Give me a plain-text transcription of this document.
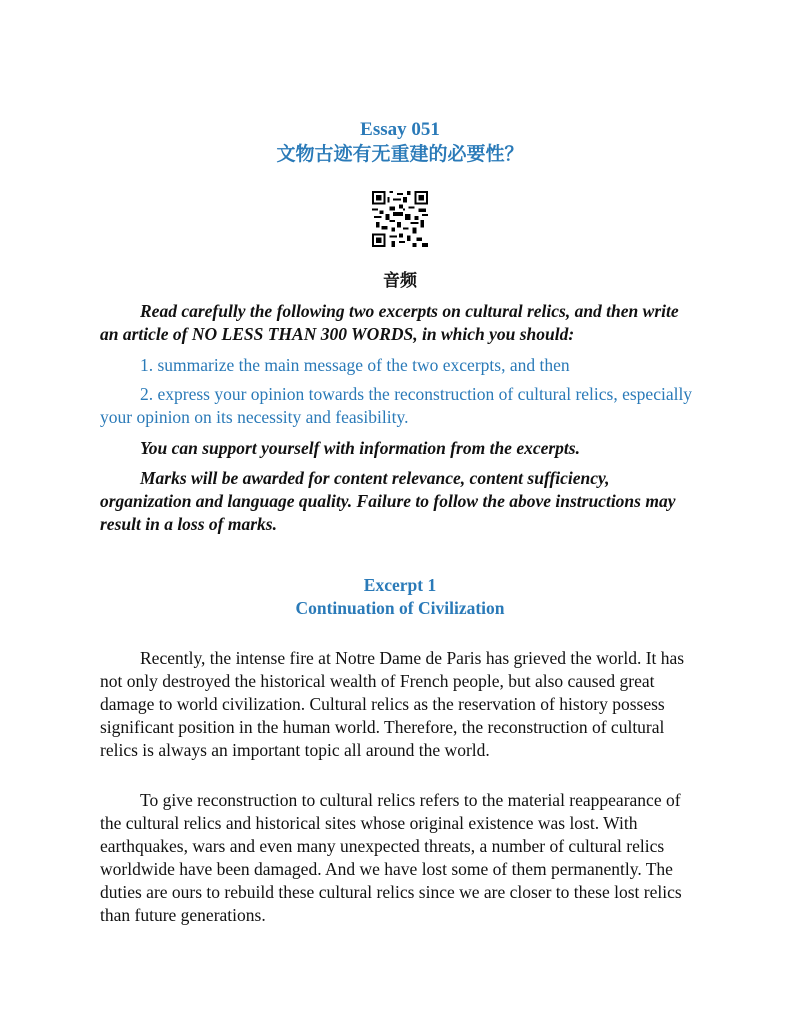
Essay 051
文物古迹有无重建的必要性？
音频

Read carefully the following two excerpts on cultural relics, and then write an article of NO LESS THAN 300 WORDS, in which you should:

1. summarize the main message of the two excerpts, and then

2. express your opinion towards the reconstruction of cultural relics, especially your opinion on its necessity and feasibility.

You can support yourself with information from the excerpts.

Marks will be awarded for content relevance, content sufficiency, organization and language quality. Failure to follow the above instructions may result in a loss of marks.

Excerpt 1
Continuation of Civilization

Recently, the intense fire at Notre Dame de Paris has grieved the world. It has not only destroyed the historical wealth of French people, but also caused great damage to world civilization. Cultural relics as the reservation of history possess significant position in the human world. Therefore, the reconstruction of cultural relics is always an important topic all around the world.

To give reconstruction to cultural relics refers to the material reappearance of the cultural relics and historical sites whose original existence was lost. With earthquakes, wars and even many unexpected threats, a number of cultural relics worldwide have been damaged. And we have lost some of them permanently. The duties are ours to rebuild these cultural relics since we are closer to these lost relics than future generations.
